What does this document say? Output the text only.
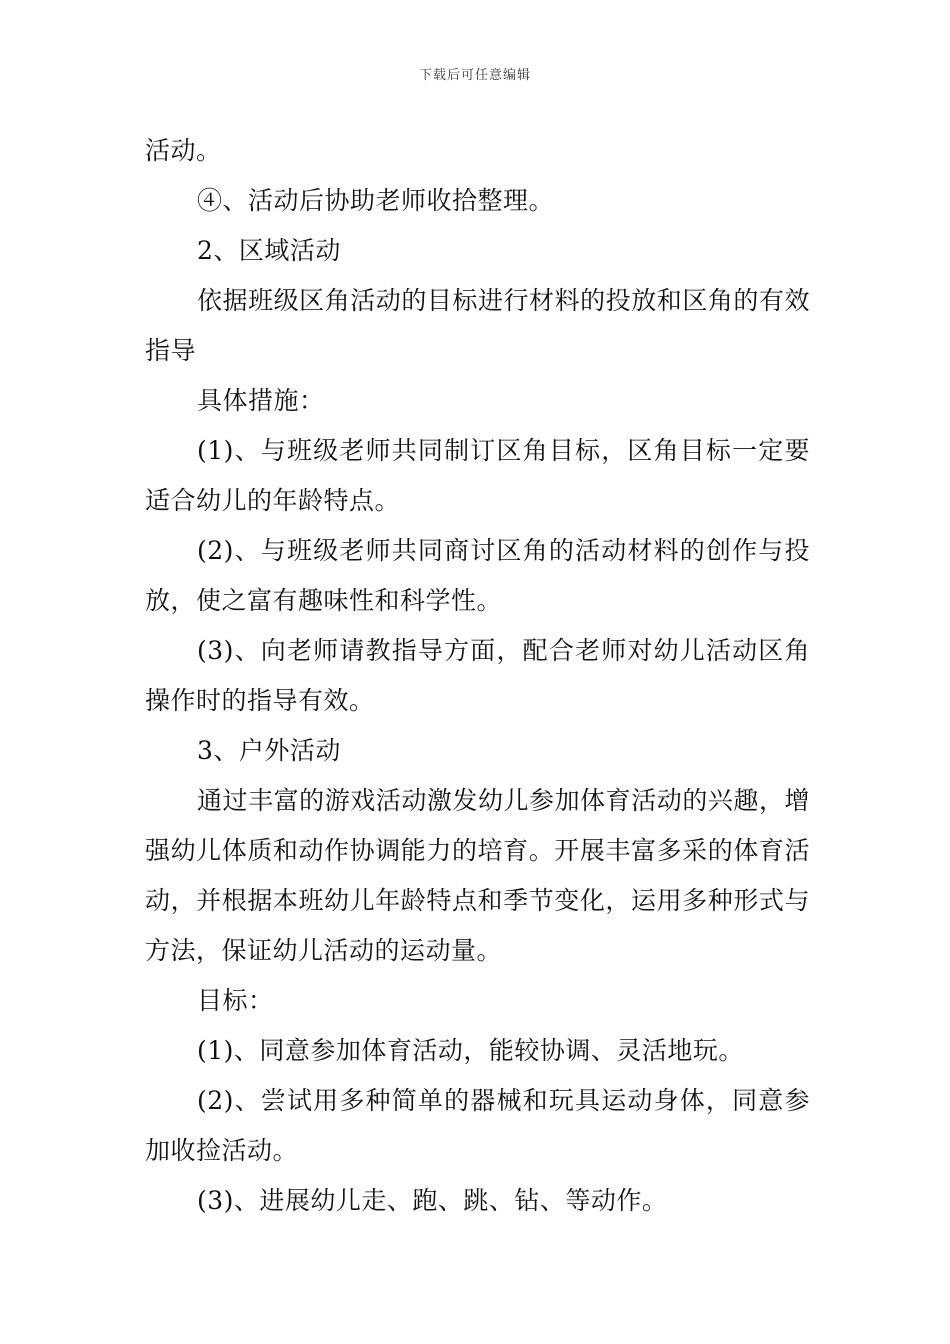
下载后可任意编辑

活动。

④、活动后协助老师收拾整理。

2、区域活动

依据班级区角活动的目标进行材料的投放和区角的有效指导

具体措施：

(1)、与班级老师共同制订区角目标，区角目标一定要适合幼儿的年龄特点。

(2)、与班级老师共同商讨区角的活动材料的创作与投放，使之富有趣味性和科学性。

(3)、向老师请教指导方面，配合老师对幼儿活动区角操作时的指导有效。

3、户外活动

通过丰富的游戏活动激发幼儿参加体育活动的兴趣，增强幼儿体质和动作协调能力的培育。开展丰富多采的体育活动，并根据本班幼儿年龄特点和季节变化，运用多种形式与方法，保证幼儿活动的运动量。

目标：

(1)、同意参加体育活动，能较协调、灵活地玩。

(2)、尝试用多种简单的器械和玩具运动身体，同意参加收捡活动。

(3)、进展幼儿走、跑、跳、钻、等动作。
